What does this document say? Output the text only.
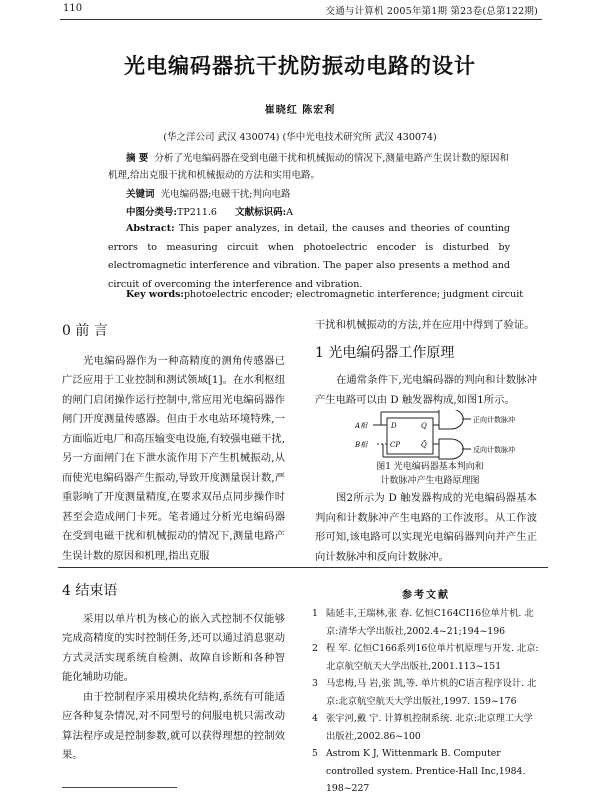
110	交通与计算机 2005年第1期 第23卷(总第122期)
光电编码器抗干扰防振动电路的设计
崔晓红 陈宏利
(华之洋公司 武汉 430074) (华中光电技术研究所 武汉 430074)
摘 要 分析了光电编码器在受到电磁干扰和机械振动的情况下,测量电路产生误计数的原因和机理,给出克服干扰和机械振动的方法和实用电路。
关键词 光电编码器;电磁干扰;判向电路
中图分类号:TP211.6 文献标识码:A
Abstract: This paper analyzes, in detail, the causes and theories of counting errors to measuring circuit when photoelectric encoder is disturbed by electromagnetic interference and vibration. The paper also presents a method and circuit of overcoming the interference and vibration.
Key words:photoelectric encoder; electromagnetic interference; judgment circuit
0 前 言

光电编码器作为一种高精度的测角传感器已广泛应用于工业控制和测试领域[1]。在水利枢纽的闸门启闭操作运行控制中,常应用光电编码器作闸门开度测量传感器。但由于水电站环境特殊,一方面临近电厂和高压输变电设施,有较强电磁干扰,另一方面闸门在下泄水流作用下产生机械振动,从而使光电编码器产生振动,导致开度测量误计数,严重影响了开度测量精度,在要求双吊点同步操作时甚至会造成闸门卡死。笔者通过分析光电编码器在受到电磁干扰和机械振动的情况下,测量电路产生误计数的原因和机理,指出克服

干扰和机械振动的方法,并在应用中得到了验证。

1 光电编码器工作原理

在通常条件下,光电编码器的判向和计数脉冲产生电路可以由 D 触发器构成,如图1所示。

A相
B相
D	Q
CP	Q̄
正向计数脉冲
反向计数脉冲
图1 光电编码器基本判向和
计数脉冲产生电路原理图

图2所示为 D 触发器构成的光电编码器基本判向和计数脉冲产生电路的工作波形。从工作波形可知,该电路可以实现光电编码器判向并产生正向计数脉冲和反向计数脉冲。

4 结束语

采用以单片机为核心的嵌入式控制不仅能够完成高精度的实时控制任务,还可以通过消息驱动方式灵活实现系统自检测、故障自诊断和各种智能化辅助功能。

由于控制程序采用模块化结构,系统有可能适应各种复杂情况,对不同型号的伺服电机只需改动算法程序或是控制参数,就可以获得理想的控制效果。

参考文献
1 陆延丰,王瑞林,张 春. 亿恒C164CI16位单片机. 北京:清华大学出版社,2002.4~21;194~196
2 程 军. 亿恒C166系列16位单片机原理与开发. 北京:北京航空航天大学出版社,2001.113~151
3 马忠梅,马 岩,张 凯,等. 单片机的C语言程序设计. 北京:北京航空航天大学出版社,1997. 159~176
4 张宇河,戴 宁. 计算机控制系统. 北京:北京理工大学出版社,2002.86~100
5 Astrom K J, Wittenmark B. Computer controlled system. Prentice-Hall Inc,1984. 198~227
